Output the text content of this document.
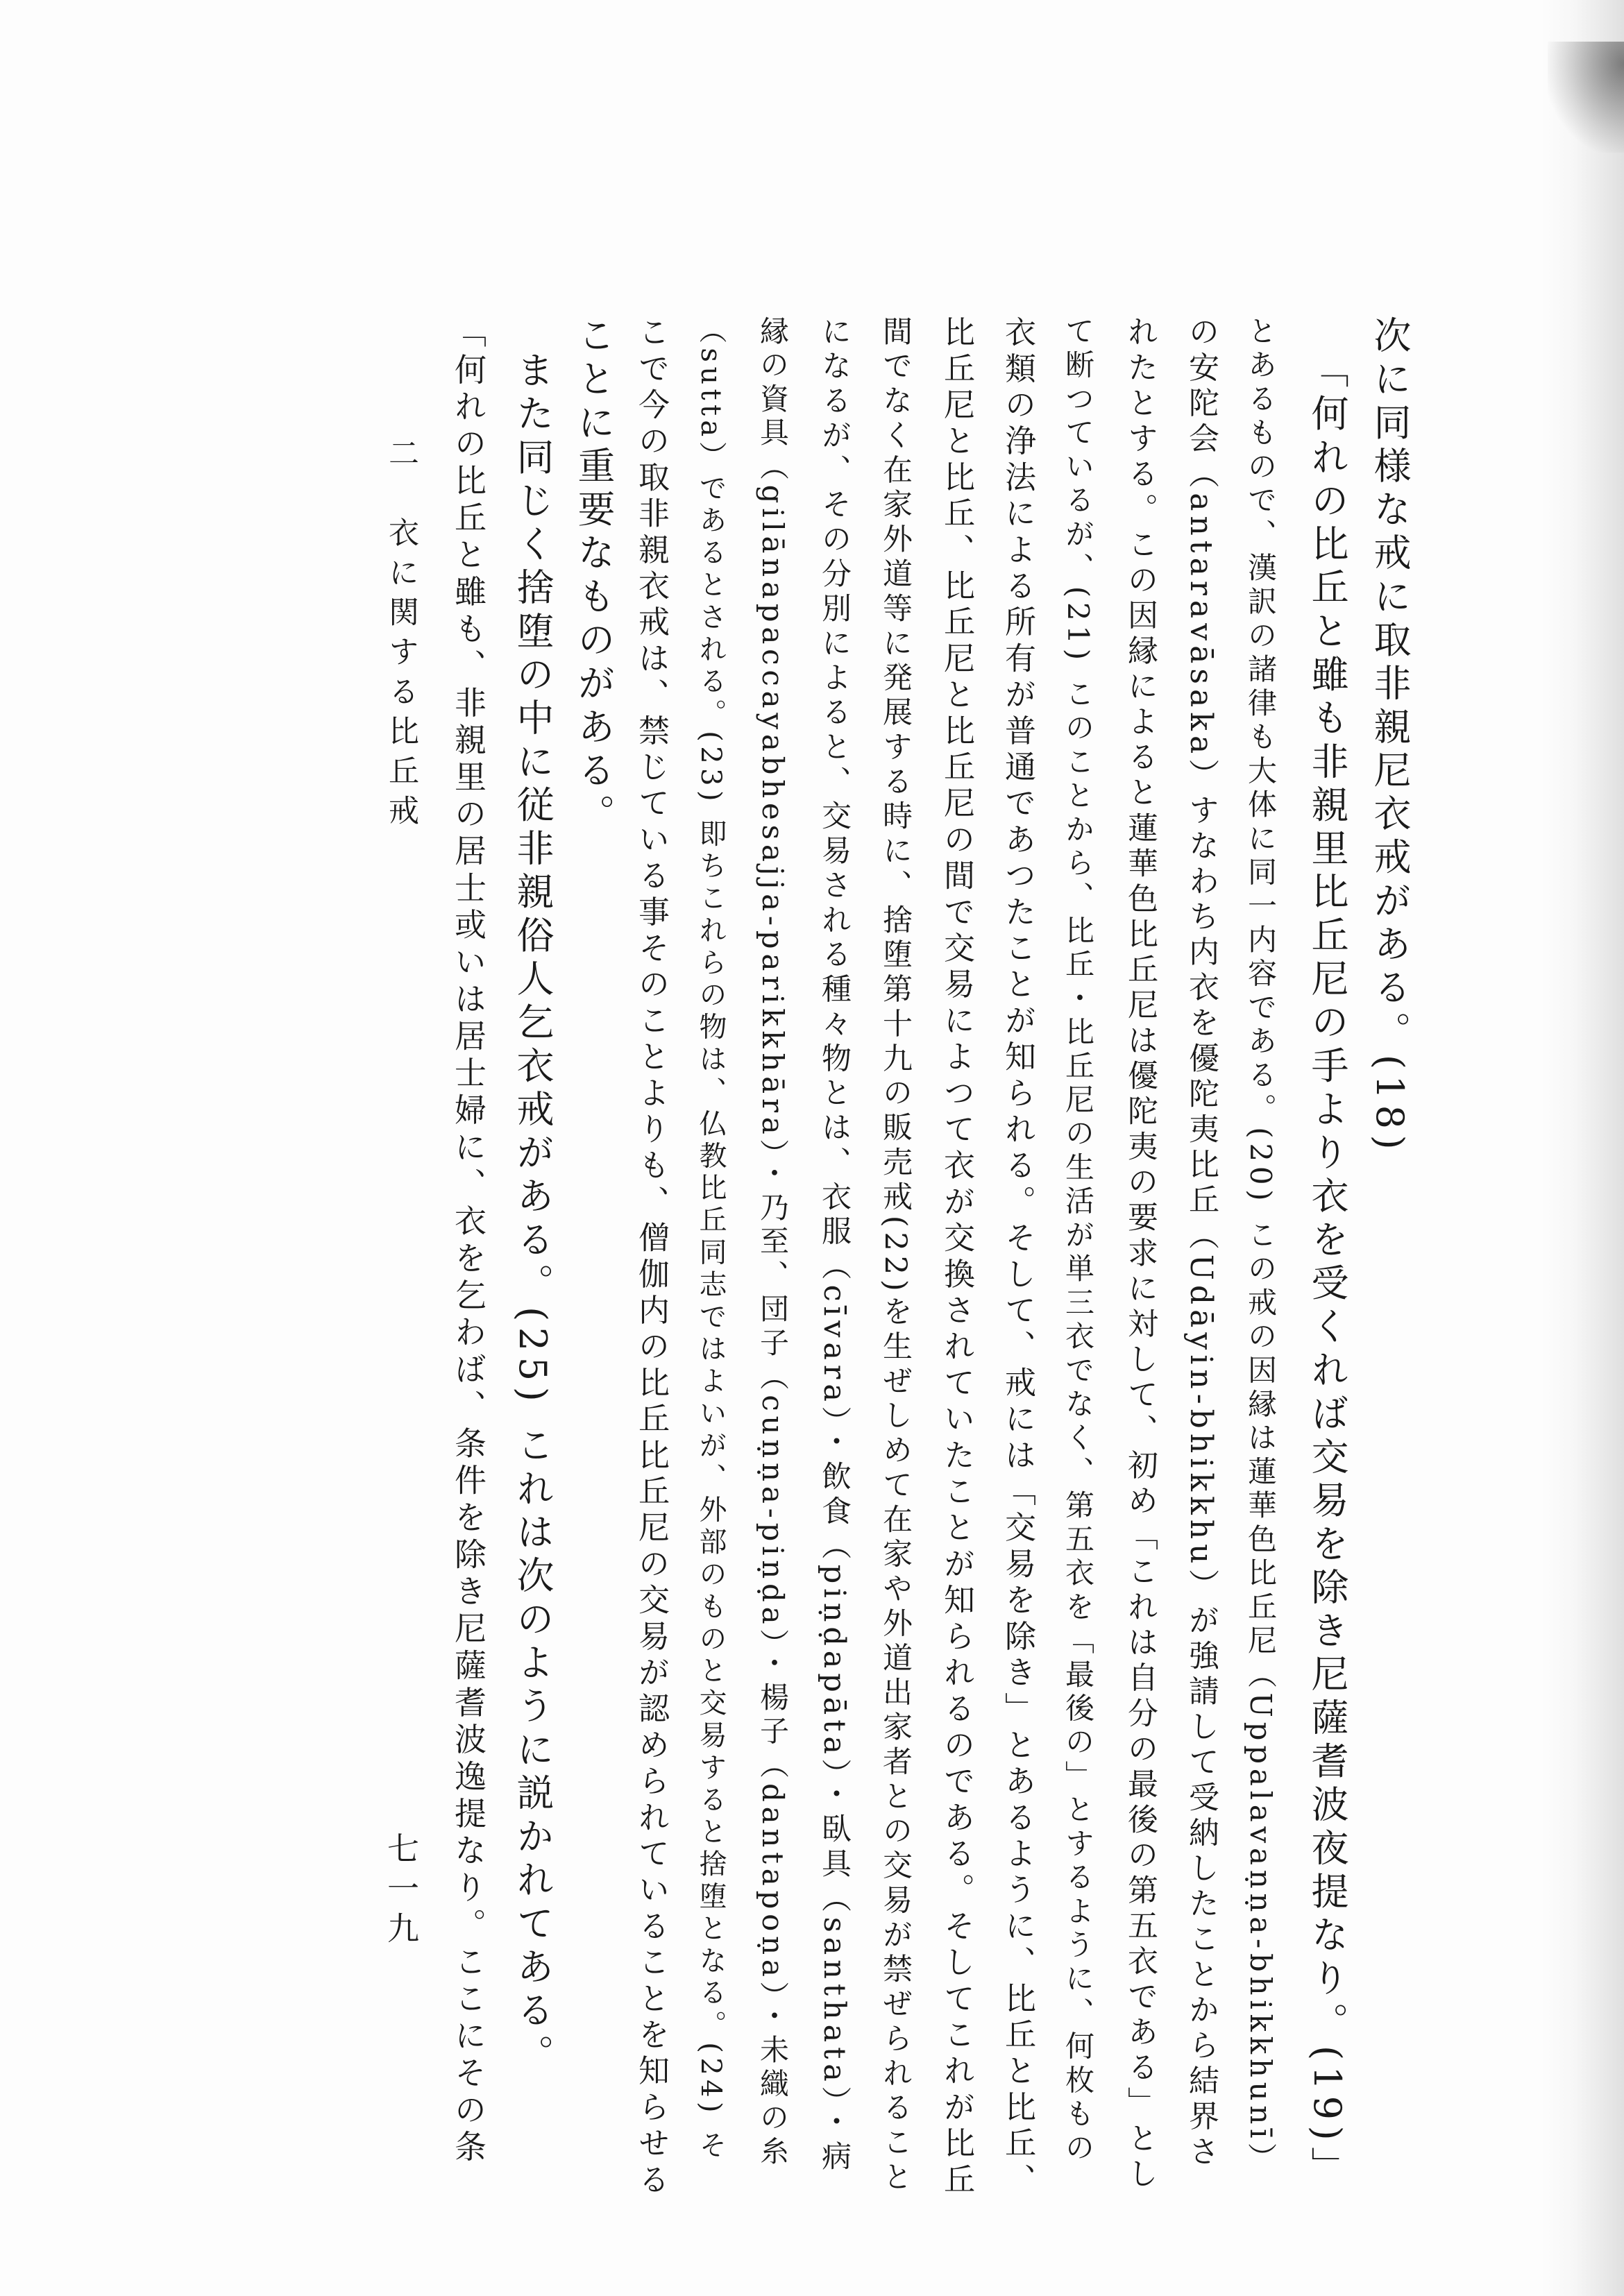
次に同様な戒に取非親尼衣戒がある。(18)
「何れの比丘と雖も非親里比丘尼の手より衣を受くれば交易を除き尼薩耆波夜提なり。(19)」
とあるもので、漢訳の諸律も大体に同一内容である。(20) この戒の因縁は蓮華色比丘尼（Uppalavaṇṇa-bhikkhunī）
の安陀会（antaravāsaka）すなわち内衣を優陀夷比丘（Udāyin-bhikkhu）が強請して受納したことから結界さ
れたとする。この因縁によると蓮華色比丘尼は優陀夷の要求に対して、初め「これは自分の最後の第五衣である」とし
て断つているが、(21) このことから、比丘・比丘尼の生活が単三衣でなく、第五衣を「最後の」とするように、何枚もの
衣類の浄法による所有が普通であつたことが知られる。そして、戒には「交易を除き」とあるように、比丘と比丘、
比丘尼と比丘、比丘尼と比丘尼の間で交易によつて衣が交換されていたことが知られるのである。そしてこれが比丘
間でなく在家外道等に発展する時に、捨堕第十九の販売戒(22)を生ぜしめて在家や外道出家者との交易が禁ぜられること
になるが、その分別によると、交易される種々物とは、衣服（cīvara）・飲食（piṇḍapāta）・臥具（santhata）・病
縁の資具（gilānapaccayabhesajja-parikkhāra）・乃至、団子（cuṇṇa-piṇḍa）・楊子（dantapoṇa）・未織の糸
（sutta）であるとされる。(23) 即ちこれらの物は、仏教比丘同志ではよいが、外部のものと交易すると捨堕となる。(24) そ
こで今の取非親衣戒は、禁じている事そのことよりも、僧伽内の比丘比丘尼の交易が認められていることを知らせる
ことに重要なものがある。
また同じく捨堕の中に従非親俗人乞衣戒がある。(25) これは次のように説かれてある。
「何れの比丘と雖も、非親里の居士或いは居士婦に、衣を乞わば、条件を除き尼薩耆波逸提なり。ここにその条
二　衣に関する比丘戒
七一九
